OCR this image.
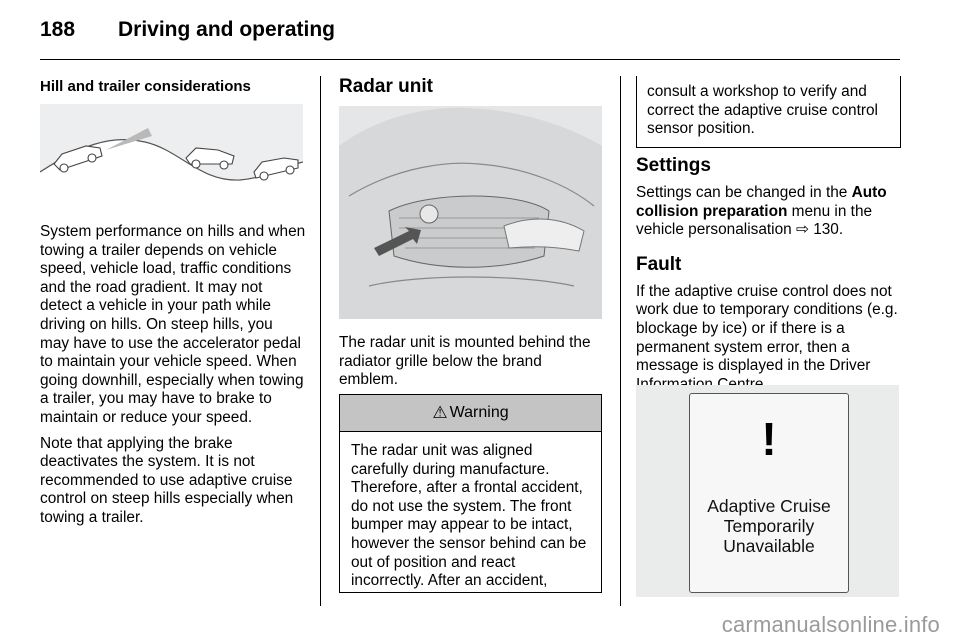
188 Driving and operating

Hill and trailer considerations

System performance on hills and when towing a trailer depends on vehicle speed, vehicle load, traffic conditions and the road gradient. It may not detect a vehicle in your path while driving on hills. On steep hills, you may have to use the accelerator pedal to maintain your vehicle speed. When going downhill, especially when towing a trailer, you may have to brake to maintain or reduce your speed.

Note that applying the brake deactivates the system. It is not recommended to use adaptive cruise control on steep hills especially when towing a trailer.

Radar unit

The radar unit is mounted behind the radiator grille below the brand emblem.

⚠ Warning
The radar unit was aligned carefully during manufacture. Therefore, after a frontal accident, do not use the system. The front bumper may appear to be intact, however the sensor behind can be out of position and react incorrectly. After an accident,
consult a workshop to verify and correct the adaptive cruise control sensor position.

Settings

Settings can be changed in the Auto collision preparation menu in the vehicle personalisation ⇨ 130.

Fault

If the adaptive cruise control does not work due to temporary conditions (e.g. blockage by ice) or if there is a permanent system error, then a message is displayed in the Driver

!
Adaptive Cruise
Temporarily
Unavailable
carmanualsonline.info
